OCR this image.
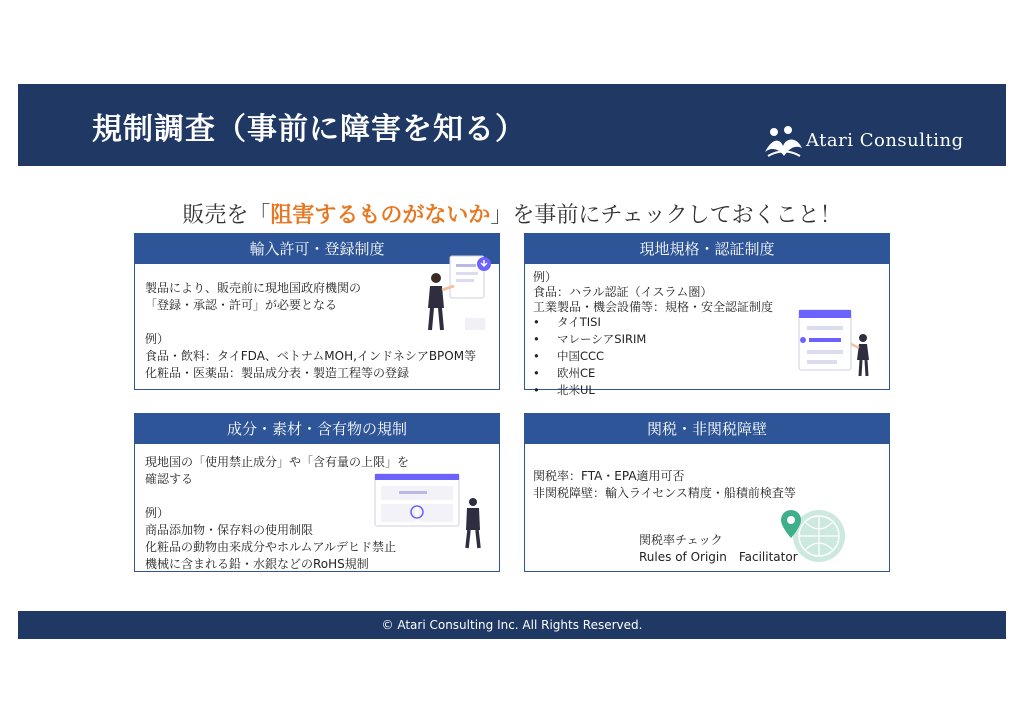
規制調査（事前に障害を知る）	Atari Consulting
販売を「阻害するものがないか」を事前にチェックしておくこと！
輸入許可・登録制度
製品により、販売前に現地国政府機関の
「登録・承認・許可」が必要となる
例）
食品・飲料：タイFDA、ベトナムMOH,インドネシアBPOM等
化粧品・医薬品：製品成分表・製造工程等の登録
現地規格・認証制度
例）
食品：ハラル認証（イスラム圏）
工業製品・機会設備等：規格・安全認証制度
• タイTISI
• マレーシアSIRIM
• 中国CCC
• 欧州CE
• 北米UL
成分・素材・含有物の規制
現地国の「使用禁止成分」や「含有量の上限」を
確認する
例）
商品添加物・保存料の使用制限
化粧品の動物由来成分やホルムアルデヒド禁止
機械に含まれる鉛・水銀などのRoHS規制
関税・非関税障壁
関税率：FTA・EPA適用可否
非関税障壁：輸入ライセンス精度・船積前検査等
関税率チェック
Rules of Origin　Facilitator
© Atari Consulting Inc. All Rights Reserved.
